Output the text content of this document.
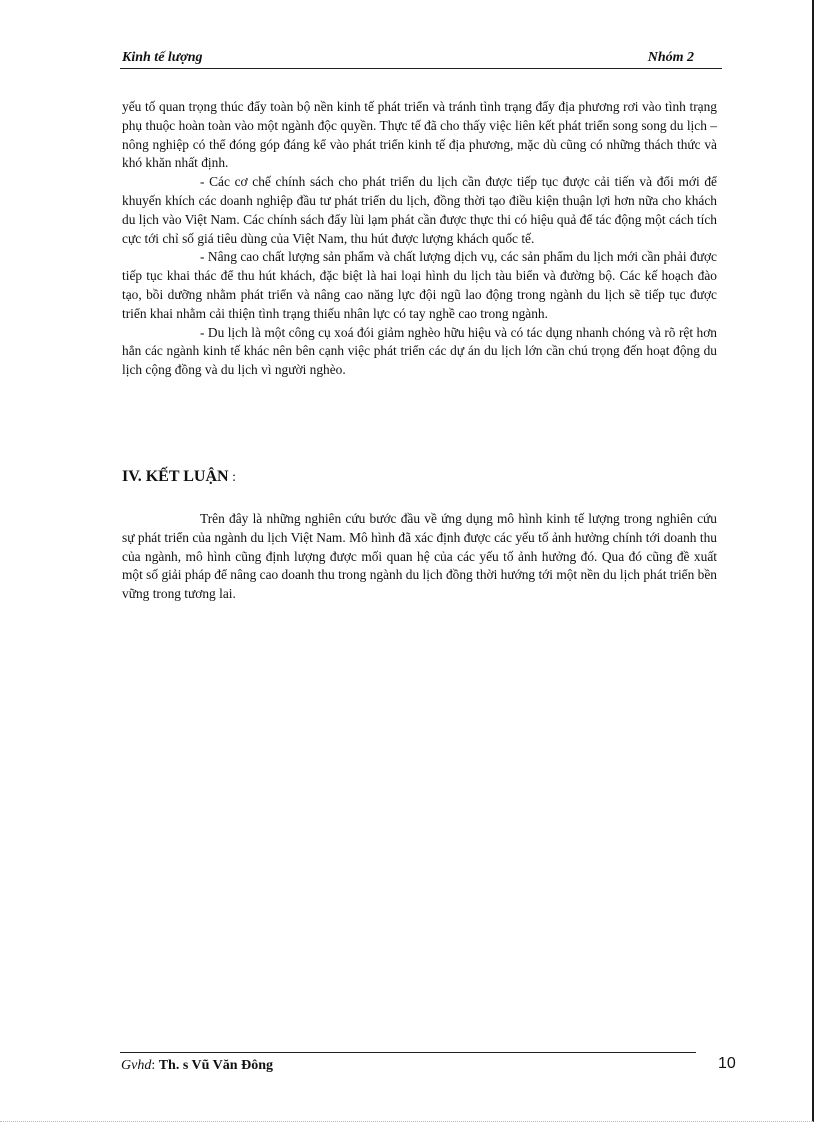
Kinh tế lượng	Nhóm 2

yếu tố quan trọng thúc đẩy toàn bộ nền kinh tế phát triển và tránh tình trạng đẩy địa phương rơi vào tình trạng phụ thuộc hoàn toàn vào một ngành độc quyền. Thực tế đã cho thấy việc liên kết phát triển song song du lịch – nông nghiệp có thể đóng góp đáng kể vào phát triển kinh tế địa phương, mặc dù cũng có những thách thức và khó khăn nhất định.

- Các cơ chế chính sách cho phát triển du lịch cần được tiếp tục được cải tiến và đổi mới để khuyến khích các doanh nghiệp đầu tư phát triển du lịch, đồng thời tạo điều kiện thuận lợi hơn nữa cho khách du lịch vào Việt Nam. Các chính sách đẩy lùi lạm phát cần được thực thi có hiệu quả để tác động một cách tích cực tới chỉ số giá tiêu dùng của Việt Nam, thu hút được lượng khách quốc tế.

- Nâng cao chất lượng sản phẩm và chất lượng dịch vụ, các sản phẩm du lịch mới cần phải được tiếp tục khai thác để thu hút khách, đặc biệt là hai loại hình du lịch tàu biển và đường bộ. Các kế hoạch đào tạo, bồi dưỡng nhằm phát triển và nâng cao năng lực đội ngũ lao động trong ngành du lịch sẽ tiếp tục được triển khai nhằm cải thiện tình trạng thiếu nhân lực có tay nghề cao trong ngành.

- Du lịch là một công cụ xoá đói giảm nghèo hữu hiệu và có tác dụng nhanh chóng và rõ rệt hơn hẳn các ngành kinh tế khác nên bên cạnh việc phát triển các dự án du lịch lớn cần chú trọng đến hoạt động du lịch cộng đồng và du lịch vì người nghèo.

IV. KẾT LUẬN :

Trên đây là những nghiên cứu bước đầu về ứng dụng mô hình kinh tế lượng trong nghiên cứu sự phát triển của ngành du lịch Việt Nam. Mô hình đã xác định được các yếu tố ảnh hưởng chính tới doanh thu của ngành, mô hình cũng định lượng được mối quan hệ của các yếu tố ảnh hưởng đó. Qua đó cũng đề xuất một số giải pháp để nâng cao doanh thu trong ngành du lịch đồng thời hướng tới một nền du lịch phát triển bền vững trong tương lai.

Gvhd: Th. s Vũ Văn Đông	10
